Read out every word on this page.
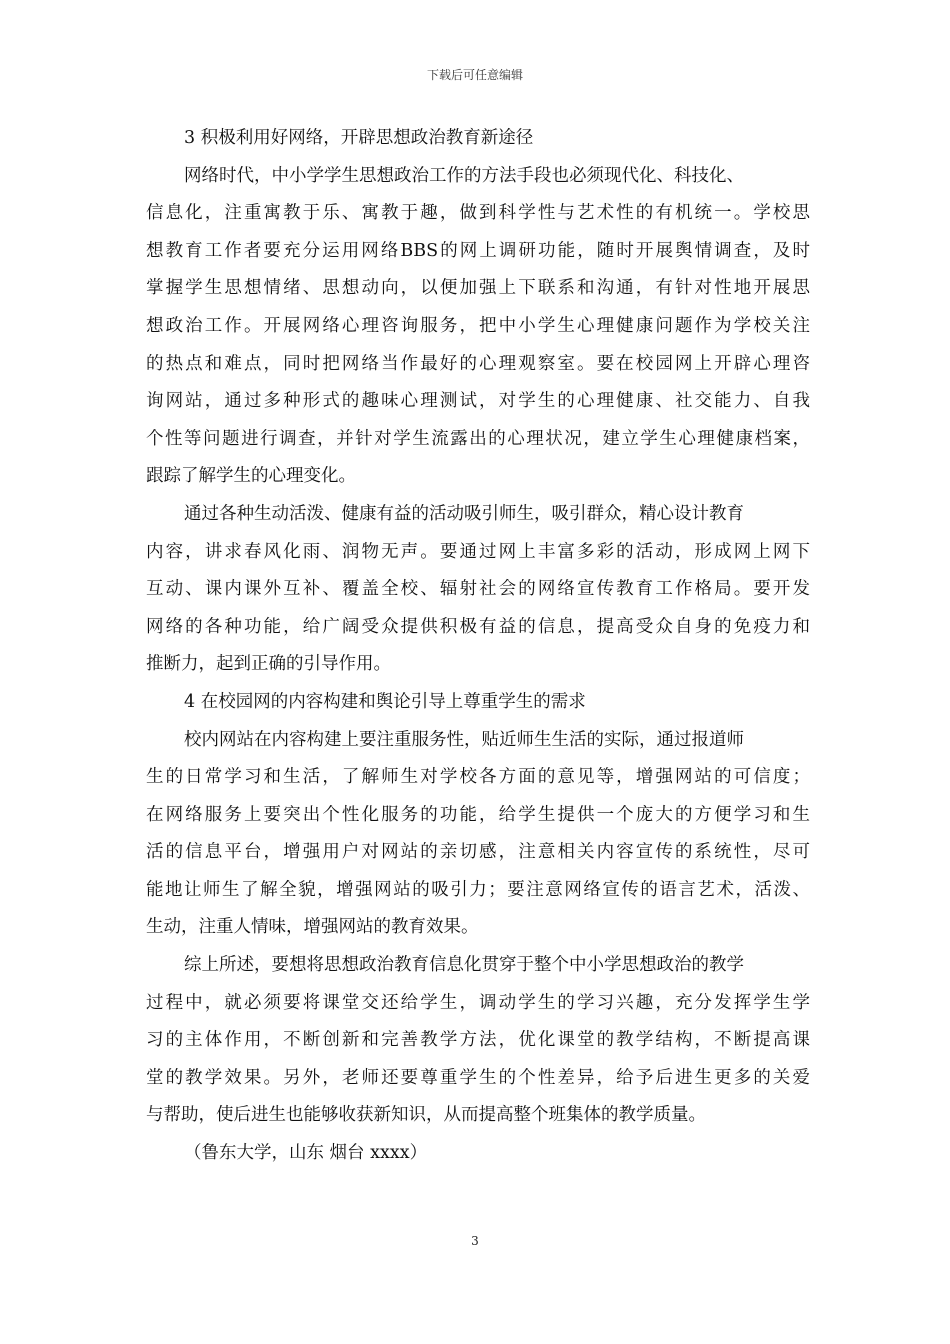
下载后可任意编辑
3 积极利用好网络，开辟思想政治教育新途径
网络时代，中小学学生思想政治工作的方法手段也必须现代化、科技化、
信息化，注重寓教于乐、寓教于趣，做到科学性与艺术性的有机统一。学校思
想教育工作者要充分运用网络BBS的网上调研功能，随时开展舆情调查，及时
掌握学生思想情绪、思想动向，以便加强上下联系和沟通，有针对性地开展思
想政治工作。开展网络心理咨询服务，把中小学生心理健康问题作为学校关注
的热点和难点，同时把网络当作最好的心理观察室。要在校园网上开辟心理咨
询网站，通过多种形式的趣味心理测试，对学生的心理健康、社交能力、自我
个性等问题进行调查，并针对学生流露出的心理状况，建立学生心理健康档案，
跟踪了解学生的心理变化。
通过各种生动活泼、健康有益的活动吸引师生，吸引群众，精心设计教育
内容，讲求春风化雨、润物无声。要通过网上丰富多彩的活动，形成网上网下
互动、课内课外互补、覆盖全校、辐射社会的网络宣传教育工作格局。要开发
网络的各种功能，给广阔受众提供积极有益的信息，提高受众自身的免疫力和
推断力，起到正确的引导作用。
4 在校园网的内容构建和舆论引导上尊重学生的需求
校内网站在内容构建上要注重服务性，贴近师生生活的实际，通过报道师
生的日常学习和生活，了解师生对学校各方面的意见等，增强网站的可信度；
在网络服务上要突出个性化服务的功能，给学生提供一个庞大的方便学习和生
活的信息平台，增强用户对网站的亲切感，注意相关内容宣传的系统性，尽可
能地让师生了解全貌，增强网站的吸引力；要注意网络宣传的语言艺术，活泼、
生动，注重人情味，增强网站的教育效果。
综上所述，要想将思想政治教育信息化贯穿于整个中小学思想政治的教学
过程中，就必须要将课堂交还给学生，调动学生的学习兴趣，充分发挥学生学
习的主体作用，不断创新和完善教学方法，优化课堂的教学结构，不断提高课
堂的教学效果。另外，老师还要尊重学生的个性差异，给予后进生更多的关爱
与帮助，使后进生也能够收获新知识，从而提高整个班集体的教学质量。
（鲁东大学，山东 烟台 xxxx）
3
